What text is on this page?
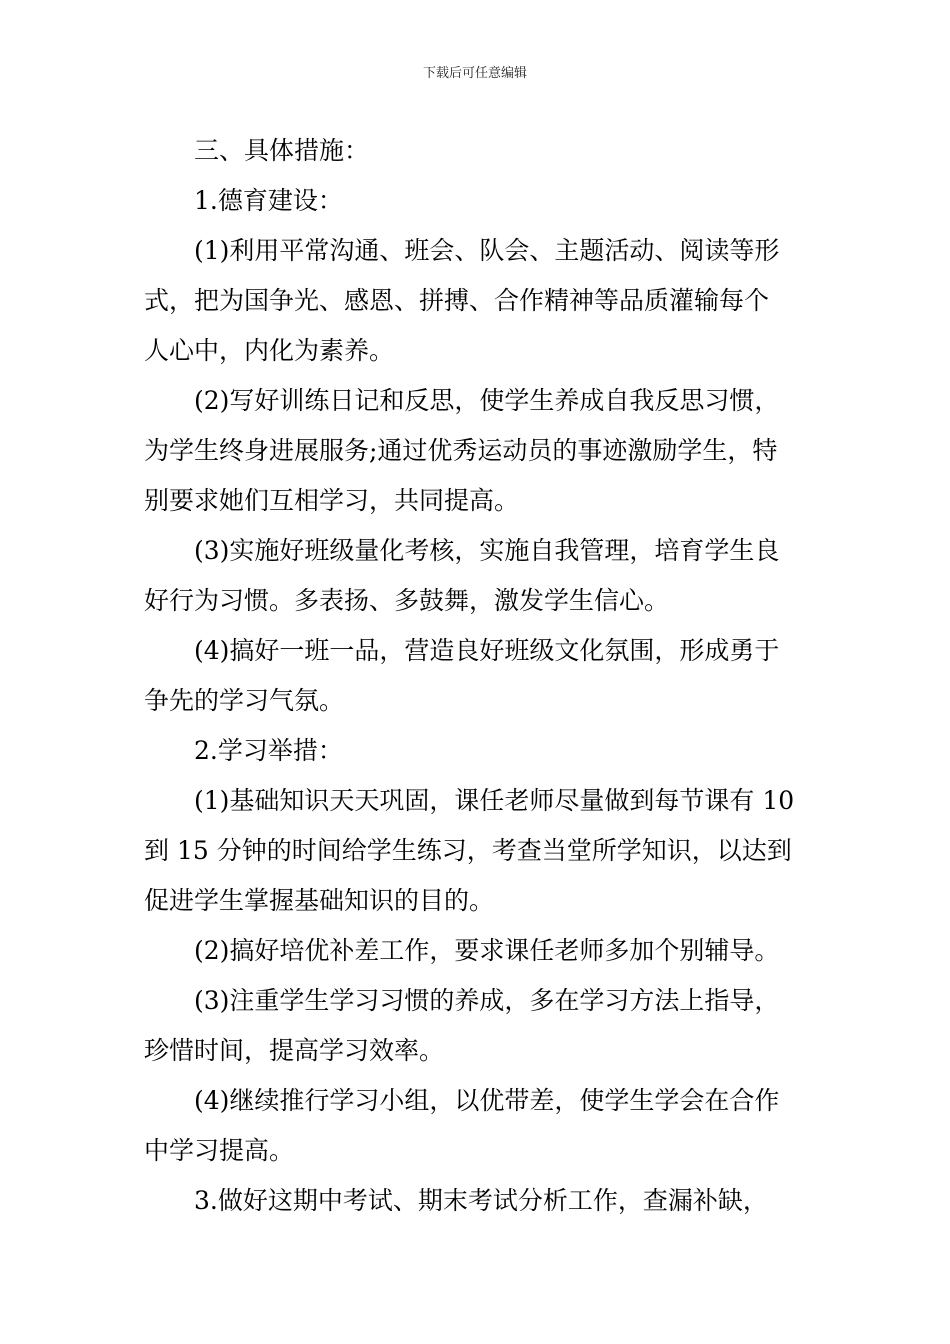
下载后可任意编辑
三、具体措施：
1.德育建设：
(1)利用平常沟通、班会、队会、主题活动、阅读等形
式，把为国争光、感恩、拼搏、合作精神等品质灌输每个
人心中，内化为素养。
(2)写好训练日记和反思，使学生养成自我反思习惯，
为学生终身进展服务;通过优秀运动员的事迹激励学生，特
别要求她们互相学习，共同提高。
(3)实施好班级量化考核，实施自我管理，培育学生良
好行为习惯。多表扬、多鼓舞，激发学生信心。
(4)搞好一班一品，营造良好班级文化氛围，形成勇于
争先的学习气氛。
2.学习举措：
(1)基础知识天天巩固，课任老师尽量做到每节课有 10
到 15 分钟的时间给学生练习，考查当堂所学知识，以达到
促进学生掌握基础知识的目的。
(2)搞好培优补差工作，要求课任老师多加个别辅导。
(3)注重学生学习习惯的养成，多在学习方法上指导，
珍惜时间，提高学习效率。
(4)继续推行学习小组，以优带差，使学生学会在合作
中学习提高。
3.做好这期中考试、期末考试分析工作，查漏补缺，
